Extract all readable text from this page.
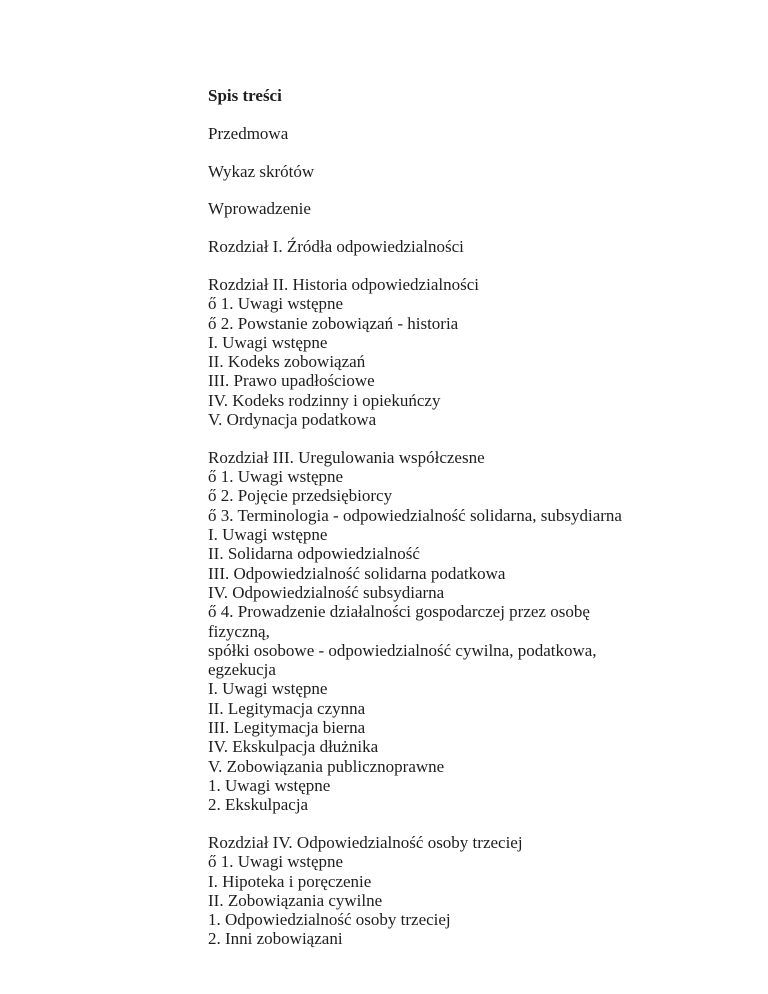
Spis treści

Przedmowa

Wykaz skrótów

Wprowadzenie

Rozdział I. Źródła odpowiedzialności

Rozdział II. Historia odpowiedzialności
ő 1. Uwagi wstępne
ő 2. Powstanie zobowiązań - historia
I. Uwagi wstępne
II. Kodeks zobowiązań
III. Prawo upadłościowe
IV. Kodeks rodzinny i opiekuńczy
V. Ordynacja podatkowa

Rozdział III. Uregulowania współczesne
ő 1. Uwagi wstępne
ő 2. Pojęcie przedsiębiorcy
ő 3. Terminologia - odpowiedzialność solidarna, subsydiarna
I. Uwagi wstępne
II. Solidarna odpowiedzialność
III. Odpowiedzialność solidarna podatkowa
IV. Odpowiedzialność subsydiarna
ő 4. Prowadzenie działalności gospodarczej przez osobę
fizyczną,
spółki osobowe - odpowiedzialność cywilna, podatkowa,
egzekucja
I. Uwagi wstępne
II. Legitymacja czynna
III. Legitymacja bierna
IV. Ekskulpacja dłużnika
V. Zobowiązania publicznoprawne
1. Uwagi wstępne
2. Ekskulpacja

Rozdział IV. Odpowiedzialność osoby trzeciej
ő 1. Uwagi wstępne
I. Hipoteka i poręczenie
II. Zobowiązania cywilne
1. Odpowiedzialność osoby trzeciej
2. Inni zobowiązani
